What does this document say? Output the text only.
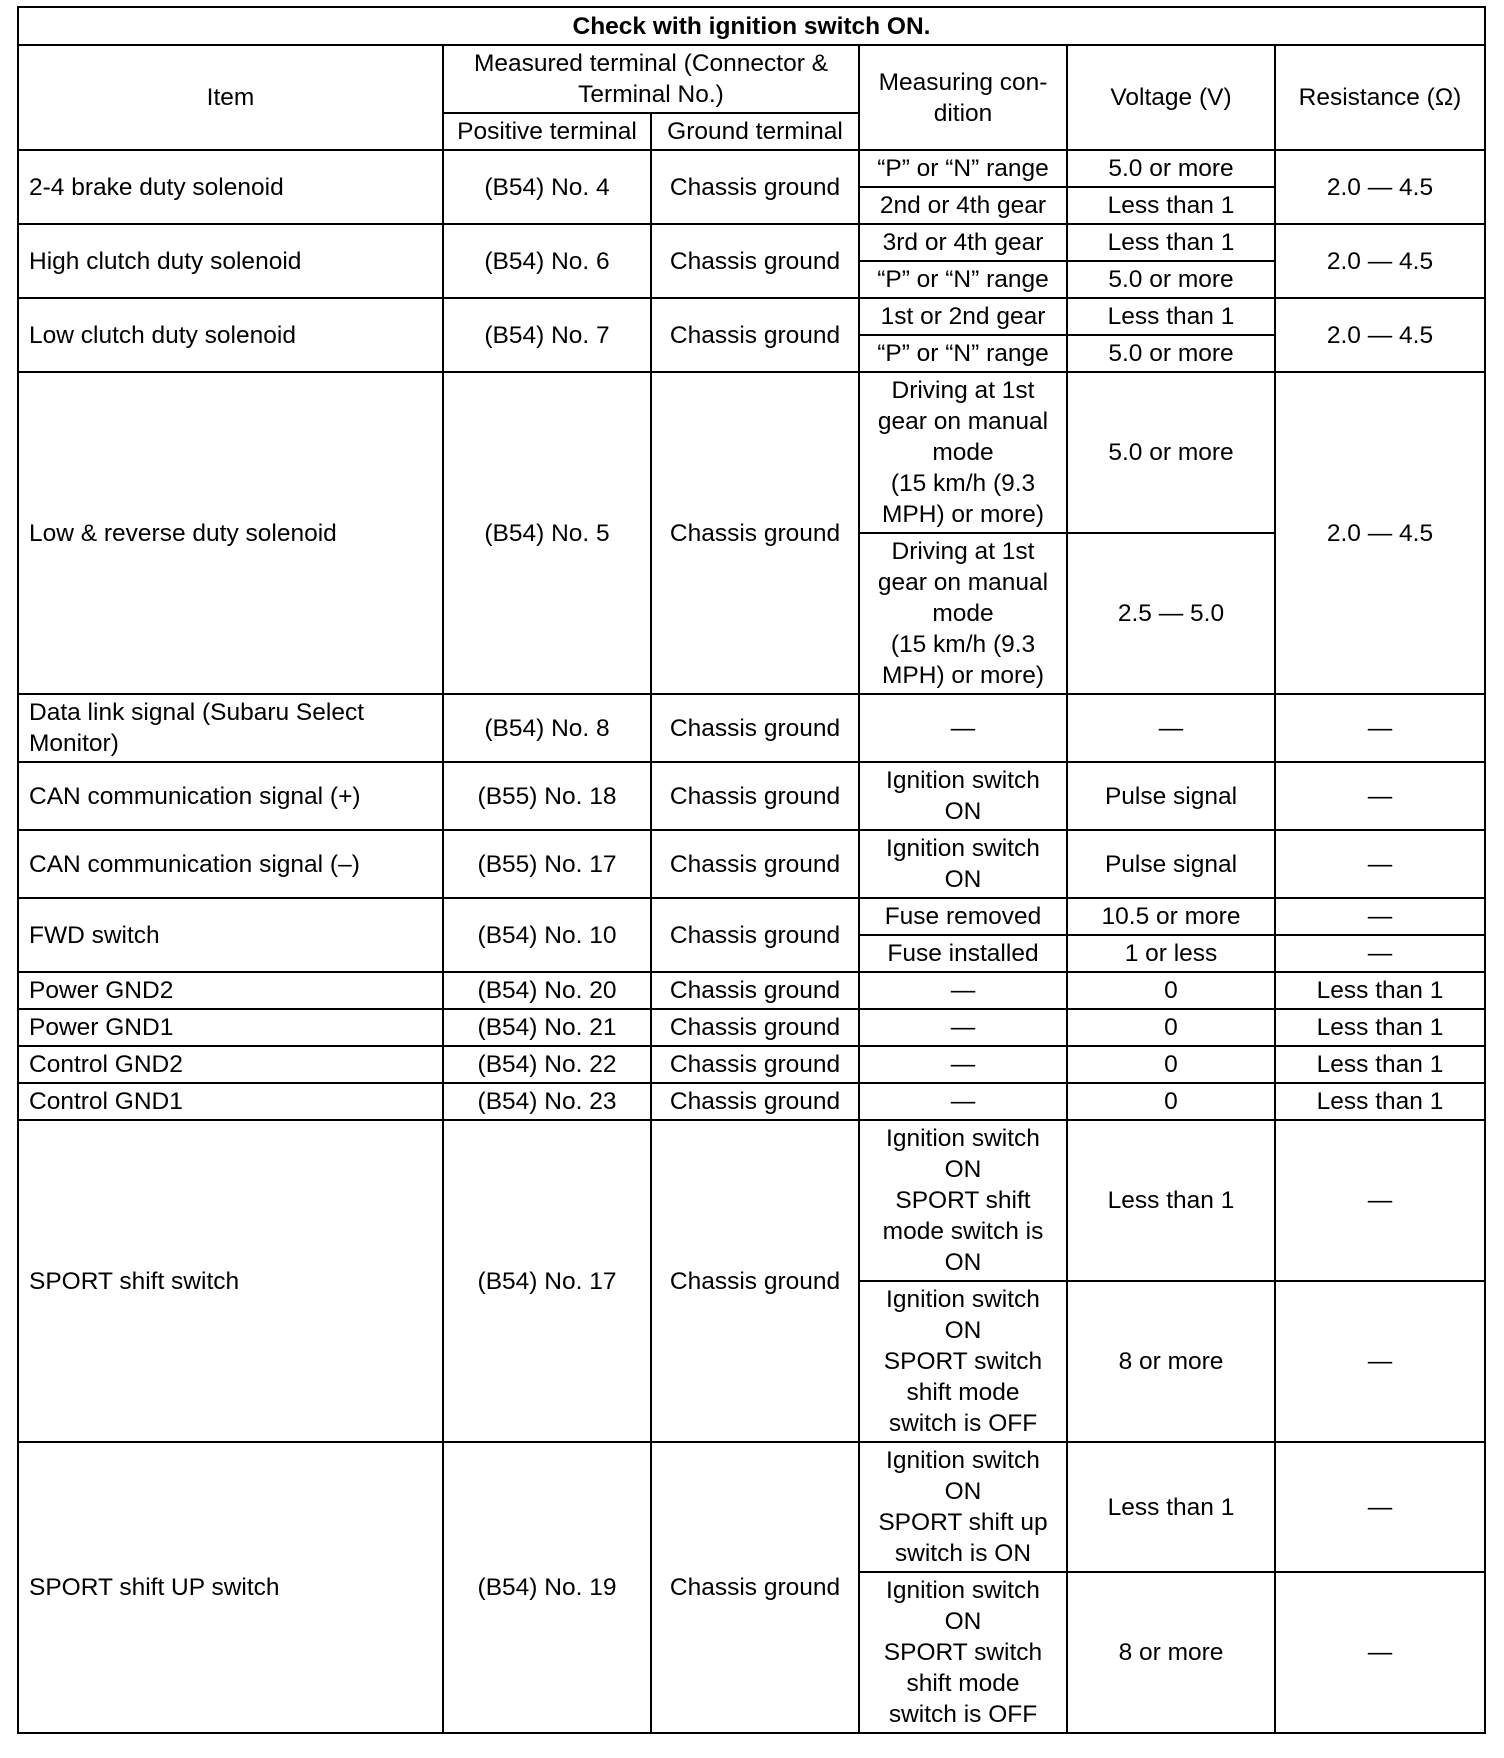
Check with ignition switch ON.					
Item	Measured terminal (Connector & Terminal No.)		Measuring con-
dition	Voltage (V)	Resistance (Ω)
	Positive terminal	Ground terminal			
2-4 brake duty solenoid	(B54) No. 4	Chassis ground	“P” or “N” range	5.0 or more	2.0 — 4.5
			2nd or 4th gear	Less than 1	
High clutch duty solenoid	(B54) No. 6	Chassis ground	3rd or 4th gear	Less than 1	2.0 — 4.5
			“P” or “N” range	5.0 or more	
Low clutch duty solenoid	(B54) No. 7	Chassis ground	1st or 2nd gear	Less than 1	2.0 — 4.5
			“P” or “N” range	5.0 or more	
Low & reverse duty solenoid	(B54) No. 5	Chassis ground	Driving at 1st
gear on manual
mode
(15 km/h (9.3
MPH) or more)	5.0 or more	2.0 — 4.5
			Driving at 1st
gear on manual
mode
(15 km/h (9.3
MPH) or more)	2.5 — 5.0	
Data link signal (Subaru Select
Monitor)	(B54) No. 8	Chassis ground	—	—	—
CAN communication signal (+)	(B55) No. 18	Chassis ground	Ignition switch
ON	Pulse signal	—
CAN communication signal (–)	(B55) No. 17	Chassis ground	Ignition switch
ON	Pulse signal	—
FWD switch	(B54) No. 10	Chassis ground	Fuse removed	10.5 or more	—
			Fuse installed	1 or less	—
Power GND2	(B54) No. 20	Chassis ground	—	0	Less than 1
Power GND1	(B54) No. 21	Chassis ground	—	0	Less than 1
Control GND2	(B54) No. 22	Chassis ground	—	0	Less than 1
Control GND1	(B54) No. 23	Chassis ground	—	0	Less than 1
SPORT shift switch	(B54) No. 17	Chassis ground	Ignition switch
ON
SPORT shift
mode switch is
ON	Less than 1	—
			Ignition switch
ON
SPORT switch
shift mode
switch is OFF	8 or more	—
SPORT shift UP switch	(B54) No. 19	Chassis ground	Ignition switch
ON
SPORT shift up
switch is ON	Less than 1	—
			Ignition switch
ON
SPORT switch
shift mode
switch is OFF	8 or more	—
